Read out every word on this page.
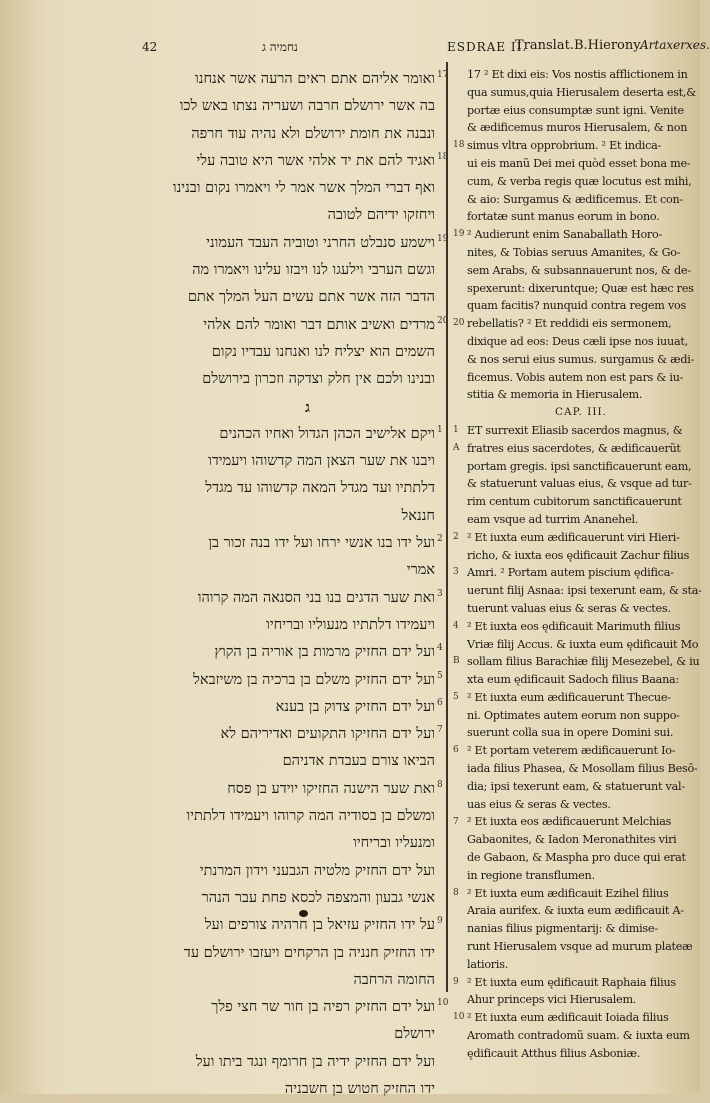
42	נחמיה ג	ESDRAE II.
Translat.B.Hierony.
Artaxerxes.
ואומר אליהם אתם ראים הרעה אשר אנחנו
בה אשר ירושלם חרבה ושעריה נצתו באש לכו
ונבנה את חומת ירושלם ולא נהיה עוד חרפה
ואגיד להם את יד אלהי אשר היא טובה עלי
ואף דברי המלך אשר אמר לי ויאמרו נקום ובנינו
ויחזקו ידיהם לטובה
וישמע סנבלט החרני וטוביה העבד העמוני
וגשם הערבי וילעגו לנו ויבזו עלינו ויאמרו מה
הדבר הזה אשר אתם עשים העל המלך אתם
מרדים ואשיב אותם דבר ואומר להם אלהי
השמים הוא יצליח לנו ואנחנו עבדיו נקום
ובנינו ולכם אין חלק וצדקה וזכרון בירושלם
ג
ויקם אלישיב הכהן הגדול ואחיו הכהנים
ויבנו את שער הצאן המה קדשוהו ויעמידו
דלתתיו ועד מגדל המאה קדשוהו עד מגדל
חננאל
ועל ידו בנו אנשי ירחו ועל ידו בנה זכור בן
אמרי
ואת שער הדגים בנו בני הסנאה המה קרוהו
ויעמידו דלתתיו מנעוליו ובריחיו
ועל ידם החזיק מרמות בן אוריה בן הקוץ
ועל ידם החזיק משלם בן ברכיה בן משיזבאל
ועל ידם החזיק צדוק בן בענא
ועל ידם החזיקו התקועים ואדיריהם לא
הביאו צורם בעבדת אדניהם
ואת שער הישנה החזיקו יוידע בן פסח
ומשלם בן בסודיה המה קרוהו ויעמידו דלתתיו
ומנעליו ובריחיו
ועל ידם החזיק מלטיה הגבעני וידון המרנתי
אנשי גבעון והמצפה לכסא פחת עבר הנהר
על ידו החזיק עזיאל בן חרהיה צורפים ועל
ידו החזיק חנניה בן הרקחים ויעזבו ירושלם עד
החומה הרחבה
ועל ידם החזיק רפיה בן חור שר חצי פלך
ירושלם
ועל ידם החזיק ידיה בן חרומף ונגד ביתו ועל
ידו החזיק חטוש בן חשבניה
17
18
19
20
1
2
3
4
5
6
7
8
9
10
17 ² Et dixi eis: Vos nostis afflictionem in
qua sumus,quia Hierusalem deserta est,&
portæ eius consumptæ sunt igni. Venite
& ædificemus muros Hierusalem, & non
simus vltra opprobrium. ² Et indica-
ui eis manũ Dei mei quòd esset bona me-
cum, & verba regis quæ locutus est mihi,
& aio: Surgamus & ædificemus. Et con-
fortatæ sunt manus eorum in bono.
² Audierunt enim Sanaballath Horo-
nites, & Tobias seruus Amanites, & Go-
sem Arabs, & subsannauerunt nos, & de-
spexerunt: dixeruntque; Quæ est hæc res
quam facitis? nunquid contra regem vos
rebellatis? ² Et reddidi eis sermonem,
dixique ad eos: Deus cæli ipse nos iuuat,
& nos serui eius sumus. surgamus & ædi-
ficemus. Vobis autem non est pars & iu-
stitia & memoria in Hierusalem.
CAP. III.
ET surrexit Eliasib sacerdos magnus, &
fratres eius sacerdotes, & ædificauerũt
portam gregis. ipsi sanctificauerunt eam,
& statuerunt valuas eius, & vsque ad tur-
rim centum cubitorum sanctificauerunt
eam vsque ad turrim Ananehel.
² Et iuxta eum ædificauerunt viri Hieri-
richo, & iuxta eos ędificauit Zachur filius
Amri. ² Portam autem piscium ędifica-
uerunt filij Asnaa: ipsi texerunt eam, & sta-
tuerunt valuas eius & seras & vectes.
² Et iuxta eos ędificauit Marimuth filius
Vriæ filij Accus. & iuxta eum ędificauit Mo
sollam filius Barachiæ filij Mesezebel, & iu
xta eum ędificauit Sadoch filius Baana:
² Et iuxta eum ædificauerunt Thecue-
ni. Optimates autem eorum non suppo-
suerunt colla sua in opere Domini sui.
² Et portam veterem ædificauerunt Io-
iada filius Phasea, & Mosollam filius Besō-
dia; ipsi texerunt eam, & statuerunt val-
uas eius & seras & vectes.
² Et iuxta eos ædificauerunt Melchias
Gabaonites, & Iadon Meronathites viri
de Gabaon, & Maspha pro duce qui erat
in regione transflumen.
² Et iuxta eum ædificauit Ezihel filius
Araia aurifex. & iuxta eum ædificauit A-
nanias filius pigmentarij: & dimise-
runt Hierusalem vsque ad murum plateæ
latioris.
² Et iuxta eum ędificauit Raphaia filius
Ahur princeps vici Hierusalem.
² Et iuxta eum ædificauit Ioiada filius
Aromath contradomũ suam. & iuxta eum
ędificauit Atthus filius Asboniæ.
18
19
20
1
A
2
3
4
B
5
6
7
8
9
10
